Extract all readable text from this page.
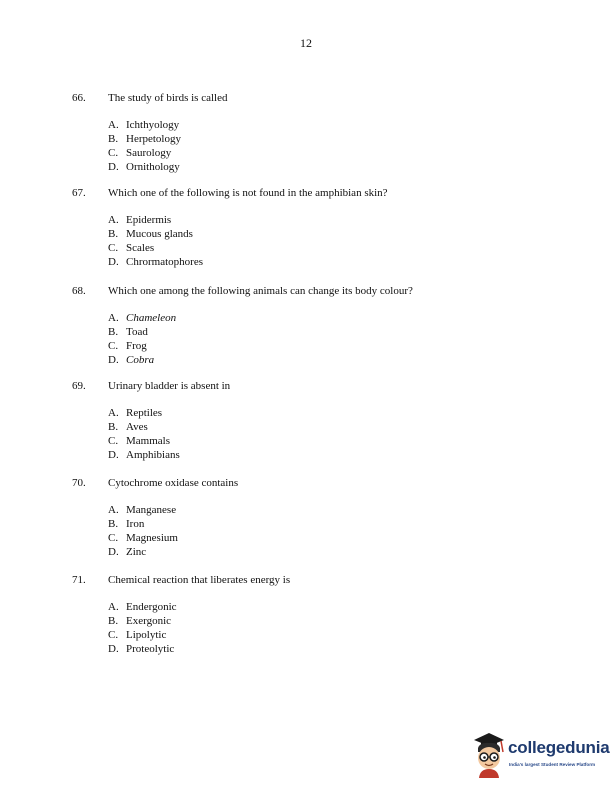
12
66.	The study of birds is called
A. Ichthyology
B. Herpetology
C. Saurology
D. Ornithology
67.	Which one of the following is not found in the amphibian skin?
A. Epidermis
B. Mucous glands
C. Scales
D. Chrormatophores
68.	Which one among the following animals can change its body colour?
A. Chameleon
B. Toad
C. Frog
D. Cobra
69.	Urinary bladder is absent in
A. Reptiles
B. Aves
C. Mammals
D. Amphibians
70.	Cytochrome oxidase contains
A. Manganese
B. Iron
C. Magnesium
D. Zinc
71.	Chemical reaction that liberates energy is
A. Endergonic
B. Exergonic
C. Lipolytic
D. Proteolytic
collegedunia
India's largest Student Review Platform
